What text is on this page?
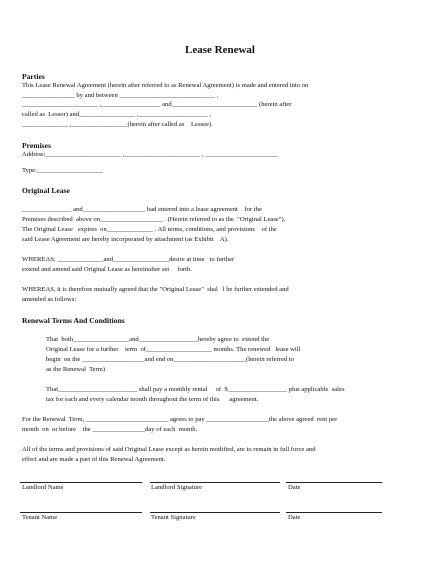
Lease Renewal
Parties
This Lease Renewal Agreement (herein after referred to as Renewal Agreement) is made and entered into on
________________ by and between _____________________________ ,
_______________________ ,__________________ and__________________________ (herein after
called as  Lessor) and_________________ ,_____________________ ,
______________ ,_________________(herein after called as    Lessee).
Premises
Address:_______________________ ,_______________________ , ______________________
Type:____________________
Original Lease
_______________ and___________________ had entered into a lease agreement    for the
Premises described  above on___________________ . (Herein referred to as the  "Original Lease").
The Original Lease   expires  on______________ . All terms, conditions, and provisions    of the
said Lease Agreement are hereby incorporated by attachment (as Exhibit    A).
WHEREAS; ______________and_________________desire at time   to further
extend and amend said Original Lease as hereinafter set     forth.
WHEREAS, it is therefore mutually agreed that the "Original Lease"  shal   l be further extended and
amended as follows:
Renewal Terms And Conditions
That  both_________________and__________________hereby agree to  extend the
Original Lease for a further    term  of____________________ months. The renewed   lease will
begin  on the ___________________and end on______________________(herein referred to
as the Renewal  Term)
That________________________ shall pay a monthly rental     of  $__________________ plus applicable  sales
tax for each and every calendar month throughout the term of this      agreement.
For the Renewal  Term, _________________________ agrees to pay ___________________the above agreed  rent per
month  on  or before    the ________________day of each  month.
All of the terms and provisions of said Original Lease except as herein modified, are to remain in full force and
effect and are made a part of this Renewal Agreement.
Landlord Name	Landlord Signature	Date
Tenant Name	Tenant Signature	Date
